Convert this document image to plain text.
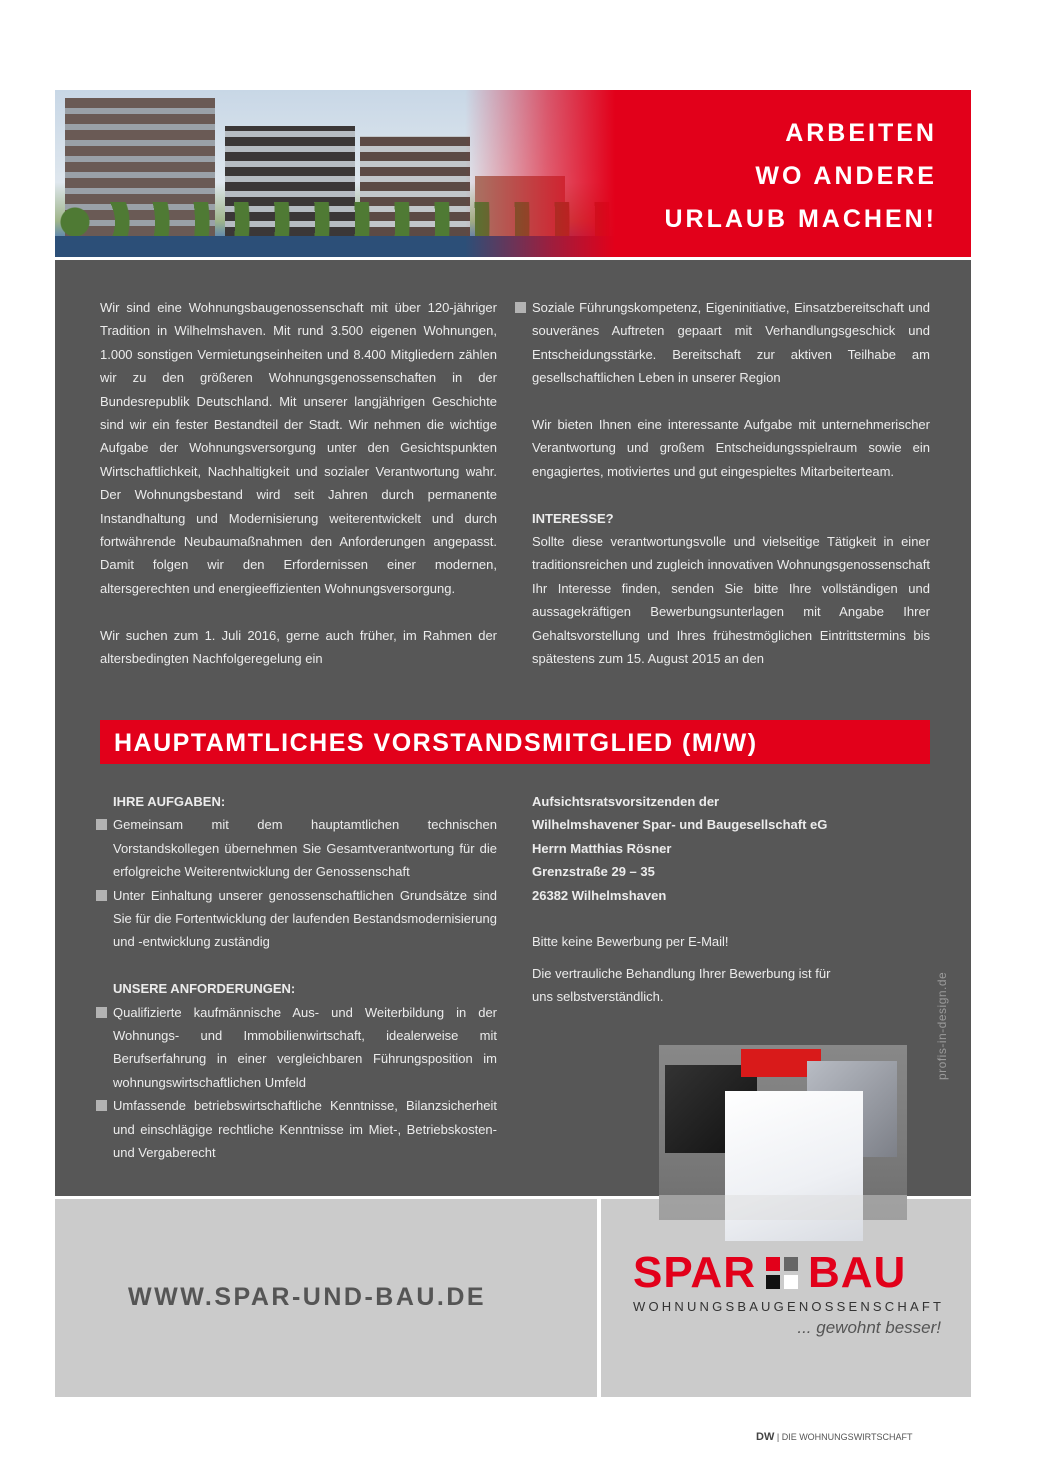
ARBEITEN
WO ANDERE
URLAUB MACHEN!

Wir sind eine Wohnungsbaugenossenschaft mit über 120-jähriger Tradition in Wilhelmshaven. Mit rund 3.500 eigenen Wohnungen, 1.000 sonstigen Vermietungseinheiten und 8.400 Mitgliedern zählen wir zu den größeren Wohnungsgenossenschaften in der Bundesrepublik Deutschland. Mit unserer langjährigen Geschichte sind wir ein fester Bestandteil der Stadt. Wir nehmen die wichtige Aufgabe der Wohnungsversorgung unter den Gesichtspunkten Wirtschaftlichkeit, Nachhaltigkeit und sozialer Verantwortung wahr. Der Wohnungsbestand wird seit Jahren durch permanente Instandhaltung und Modernisierung weiterentwickelt und durch fortwährende Neubaumaßnahmen den Anforderungen angepasst. Damit folgen wir den Erfordernissen einer modernen, altersgerechten und energieeffizienten Wohnungsversorgung.

Wir suchen zum 1. Juli 2016, gerne auch früher, im Rahmen der altersbedingten Nachfolgeregelung ein

Soziale Führungskompetenz, Eigeninitiative, Einsatzbereitschaft und souveränes Auftreten gepaart mit Verhandlungsgeschick und Entscheidungsstärke. Bereitschaft zur aktiven Teilhabe am gesellschaftlichen Leben in unserer Region

Wir bieten Ihnen eine interessante Aufgabe mit unternehmerischer Verantwortung und großem Entscheidungsspielraum sowie ein engagiertes, motiviertes und gut eingespieltes Mitarbeiterteam.

INTERESSE?

Sollte diese verantwortungsvolle und vielseitige Tätigkeit in einer traditionsreichen und zugleich innovativen Wohnungsgenossenschaft Ihr Interesse finden, senden Sie bitte Ihre vollständigen und aussagekräftigen Bewerbungsunterlagen mit Angabe Ihrer Gehaltsvorstellung und Ihres frühestmöglichen Eintrittstermins bis spätestens zum 15. August 2015 an den

HAUPTAMTLICHES VORSTANDSMITGLIED (M/W)

IHRE AUFGABEN:

Gemeinsam mit dem hauptamtlichen technischen Vorstandskollegen übernehmen Sie Gesamtverantwortung für die erfolgreiche Weiterentwicklung der Genossenschaft

Unter Einhaltung unserer genossenschaftlichen Grundsätze sind Sie für die Fortentwicklung der laufenden Bestandsmodernisierung und -entwicklung zuständig

UNSERE ANFORDERUNGEN:

Qualifizierte kaufmännische Aus- und Weiterbildung in der Wohnungs- und Immobilienwirtschaft, idealerweise mit Berufserfahrung in einer vergleichbaren Führungsposition im wohnungswirtschaftlichen Umfeld

Umfassende betriebswirtschaftliche Kenntnisse, Bilanzsicherheit und einschlägige rechtliche Kenntnisse im Miet-, Betriebskosten- und Vergaberecht

Aufsichtsratsvorsitzenden der

Wilhelmshavener Spar- und Baugesellschaft eG

Herrn Matthias Rösner

Grenzstraße 29 – 35

26382 Wilhelmshaven

Bitte keine Bewerbung per E-Mail!

Die vertrauliche Behandlung Ihrer Bewerbung ist für uns selbstverständlich.	profis-in-design.de
WWW.SPAR-UND-BAU.DE	SPAR BAU
WOHNUNGSBAUGENOSSENSCHAFT
... gewohnt besser!
DW | DIE WOHNUNGSWIRTSCHAFT
